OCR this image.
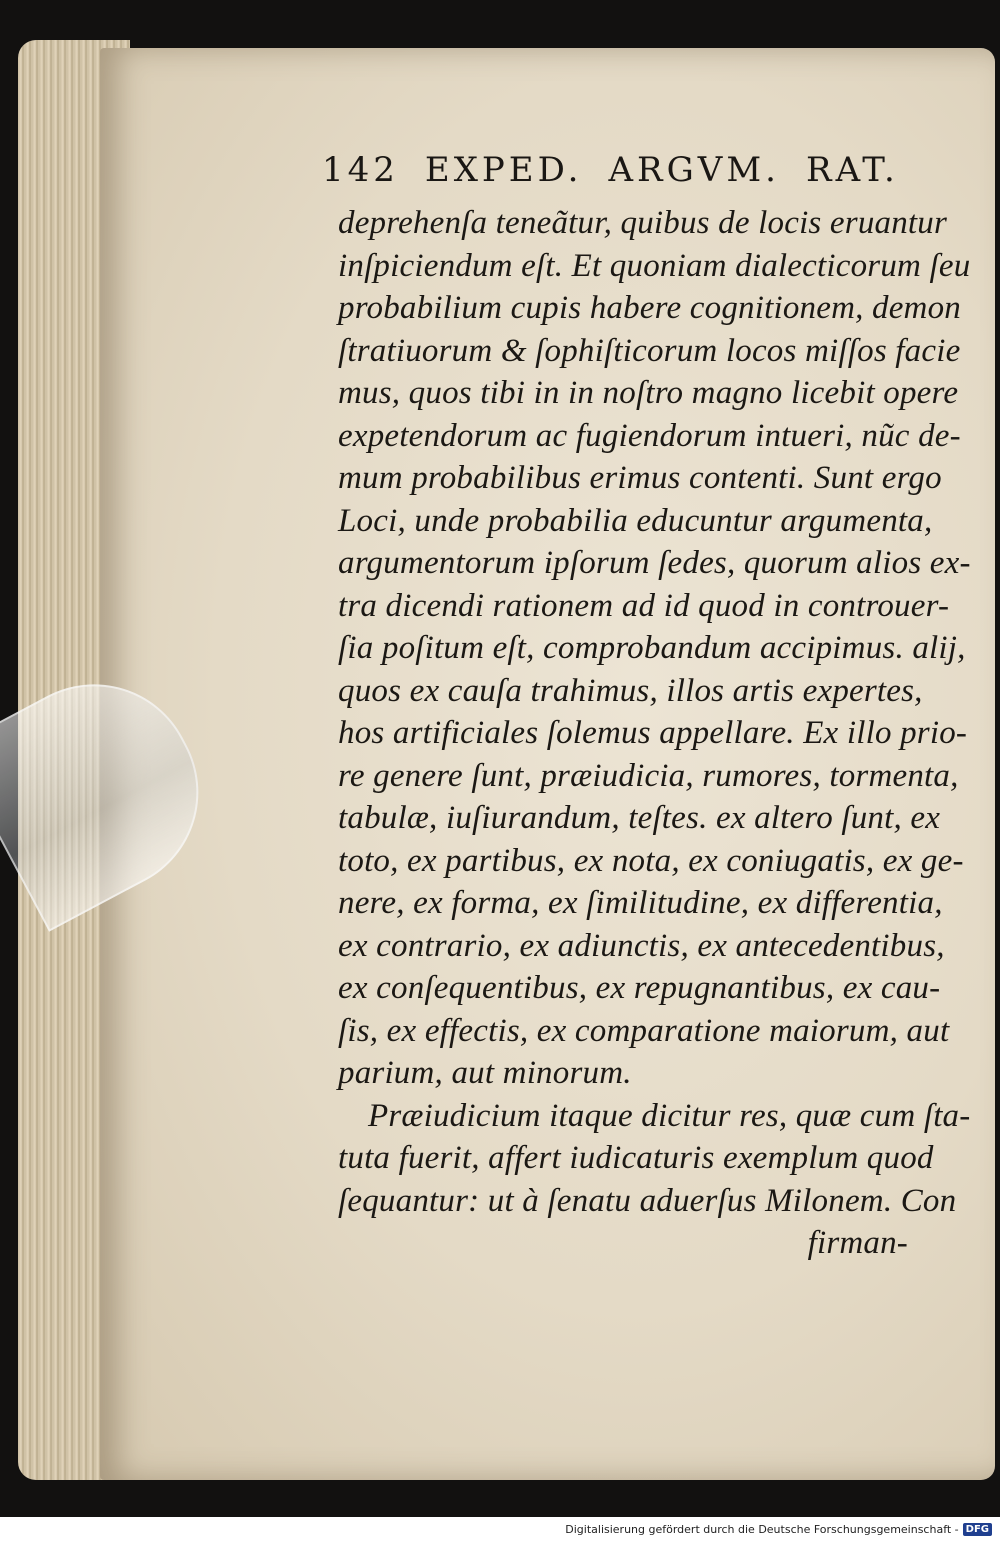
142 EXPED. ARGVM. RAT.
deprehenſa teneãtur, quibus de locis eruantur
inſpiciendum eſt. Et quoniam dialecticorum ſeu
probabilium cupis habere cognitionem, demon
ſtratiuorum & ſophiſticorum locos miſſos facie
mus, quos tibi in in noſtro magno licebit opere
expetendorum ac fugiendorum intueri, nũc de-
mum probabilibus erimus contenti. Sunt ergo
Loci, unde probabilia educuntur argumenta,
argumentorum ipſorum ſedes, quorum alios ex-
tra dicendi rationem ad id quod in controuer-
ſia poſitum eſt, comprobandum accipimus. alij,
quos ex cauſa trahimus, illos artis expertes,
hos artificiales ſolemus appellare. Ex illo prio-
re genere ſunt, præiudicia, rumores, tormenta,
tabulæ, iuſiurandum, teſtes. ex altero ſunt, ex
toto, ex partibus, ex nota, ex coniugatis, ex ge-
nere, ex forma, ex ſimilitudine, ex differentia,
ex contrario, ex adiunctis, ex antecedentibus,
ex conſequentibus, ex repugnantibus, ex cau-
ſis, ex effectis, ex comparatione maiorum, aut
parium, aut minorum.
Præiudicium itaque dicitur res, quæ cum ſta-
tuta fuerit, affert iudicaturis exemplum quod
ſequantur: ut à ſenatu aduerſus Milonem. Con
firman-
Digitalisierung gefördert durch die Deutsche Forschungsgemeinschaft - DFG
